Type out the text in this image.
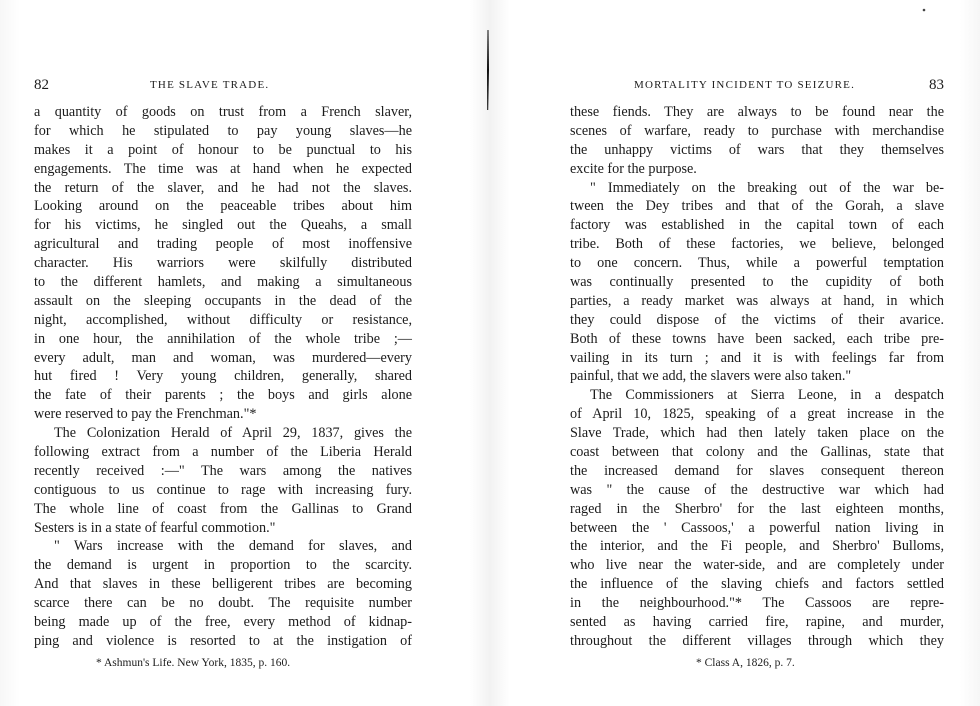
82	THE SLAVE TRADE.
a quantity of goods on trust from a French slaver,
for which he stipulated to pay young slaves—he
makes it a point of honour to be punctual to his
engagements. The time was at hand when he expected
the return of the slaver, and he had not the slaves.
Looking around on the peaceable tribes about him
for his victims, he singled out the Queahs, a small
agricultural and trading people of most inoffensive
character. His warriors were skilfully distributed
to the different hamlets, and making a simultaneous
assault on the sleeping occupants in the dead of the
night, accomplished, without difficulty or resistance,
in one hour, the annihilation of the whole tribe ;—
every adult, man and woman, was murdered—every
hut fired ! Very young children, generally, shared
the fate of their parents ; the boys and girls alone
were reserved to pay the Frenchman."*
The Colonization Herald of April 29, 1837, gives the
following extract from a number of the Liberia Herald
recently received :—" The wars among the natives
contiguous to us continue to rage with increasing fury.
The whole line of coast from the Gallinas to Grand
Sesters is in a state of fearful commotion."
" Wars increase with the demand for slaves, and
the demand is urgent in proportion to the scarcity.
And that slaves in these belligerent tribes are becoming
scarce there can be no doubt. The requisite number
being made up of the free, every method of kidnap-
ping and violence is resorted to at the instigation of
* Ashmun's Life. New York, 1835, p. 160.
MORTALITY INCIDENT TO SEIZURE.	83
these fiends. They are always to be found near the
scenes of warfare, ready to purchase with merchandise
the unhappy victims of wars that they themselves
excite for the purpose.
" Immediately on the breaking out of the war be-
tween the Dey tribes and that of the Gorah, a slave
factory was established in the capital town of each
tribe. Both of these factories, we believe, belonged
to one concern. Thus, while a powerful temptation
was continually presented to the cupidity of both
parties, a ready market was always at hand, in which
they could dispose of the victims of their avarice.
Both of these towns have been sacked, each tribe pre-
vailing in its turn ; and it is with feelings far from
painful, that we add, the slavers were also taken."
The Commissioners at Sierra Leone, in a despatch
of April 10, 1825, speaking of a great increase in the
Slave Trade, which had then lately taken place on the
coast between that colony and the Gallinas, state that
the increased demand for slaves consequent thereon
was " the cause of the destructive war which had
raged in the Sherbro' for the last eighteen months,
between the ' Cassoos,' a powerful nation living in
the interior, and the Fi people, and Sherbro' Bulloms,
who live near the water-side, and are completely under
the influence of the slaving chiefs and factors settled
in the neighbourhood."* The Cassoos are repre-
sented as having carried fire, rapine, and murder,
throughout the different villages through which they
* Class A, 1826, p. 7.
